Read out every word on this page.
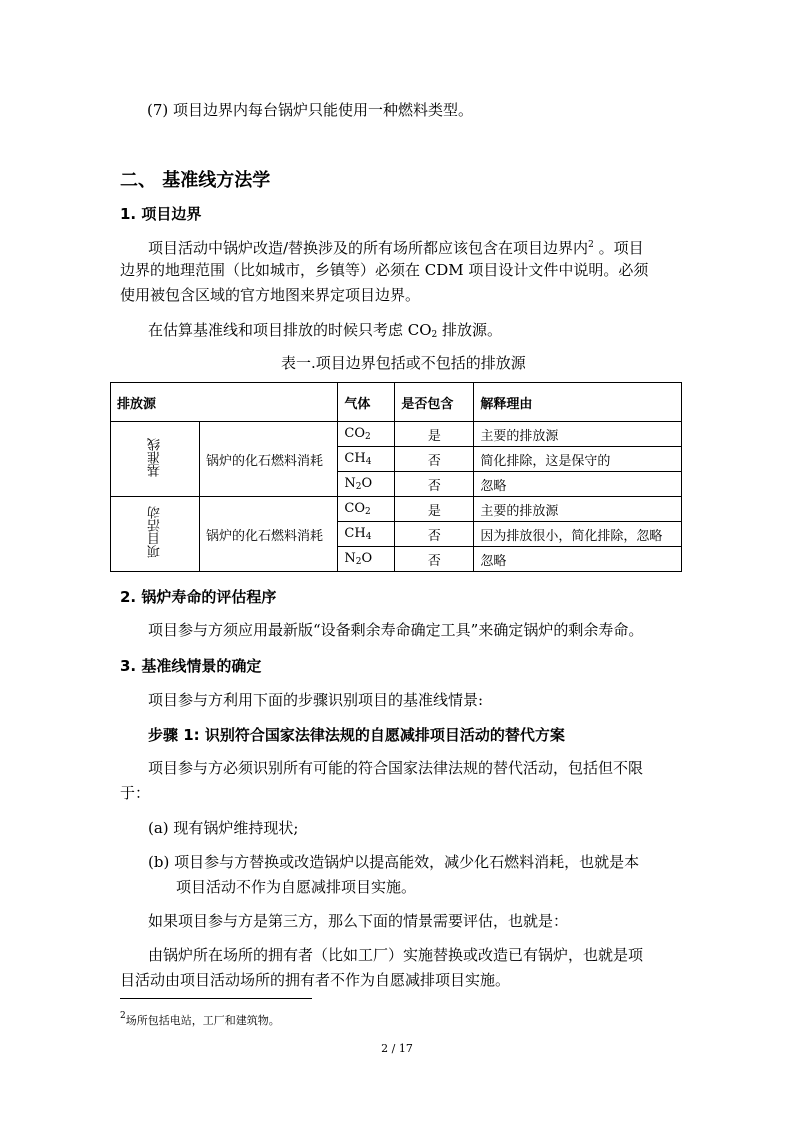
(7) 项目边界内每台锅炉只能使用一种燃料类型。
二、 基准线方法学
1. 项目边界
项目活动中锅炉改造/替换涉及的所有场所都应该包含在项目边界内$^2$ 。项目
边界的地理范围（比如城市，乡镇等）必须在 CDM 项目设计文件中说明。必须
使用被包含区域的官方地图来界定项目边界。
在估算基准线和项目排放的时候只考虑 $CO_2$ 排放源。
表一.项目边界包括或不包括的排放源
排放源		气体	是否包含	解释理由
基准线	锅炉的化石燃料消耗	$CO_2$	是	主要的排放源
		$CH_4$	否	简化排除，这是保守的
		$N_2O$	否	忽略
项目活动	锅炉的化石燃料消耗	$CO_2$	是	主要的排放源
		$CH_4$	否	因为排放很小，简化排除，忽略
		$N_2O$	否	忽略
2. 锅炉寿命的评估程序
项目参与方须应用最新版“设备剩余寿命确定工具”来确定锅炉的剩余寿命。
3. 基准线情景的确定
项目参与方利用下面的步骤识别项目的基准线情景:
步骤 1: 识别符合国家法律法规的自愿减排项目活动的替代方案
项目参与方必须识别所有可能的符合国家法律法规的替代活动，包括但不限
于：
(a) 现有锅炉维持现状;
(b) 项目参与方替换或改造锅炉以提高能效，减少化石燃料消耗，也就是本
项目活动不作为自愿减排项目实施。
如果项目参与方是第三方，那么下面的情景需要评估，也就是：
由锅炉所在场所的拥有者（比如工厂）实施替换或改造已有锅炉，也就是项
目活动由项目活动场所的拥有者不作为自愿减排项目实施。
$^2$场所包括电站，工厂和建筑物。
2 / 17
